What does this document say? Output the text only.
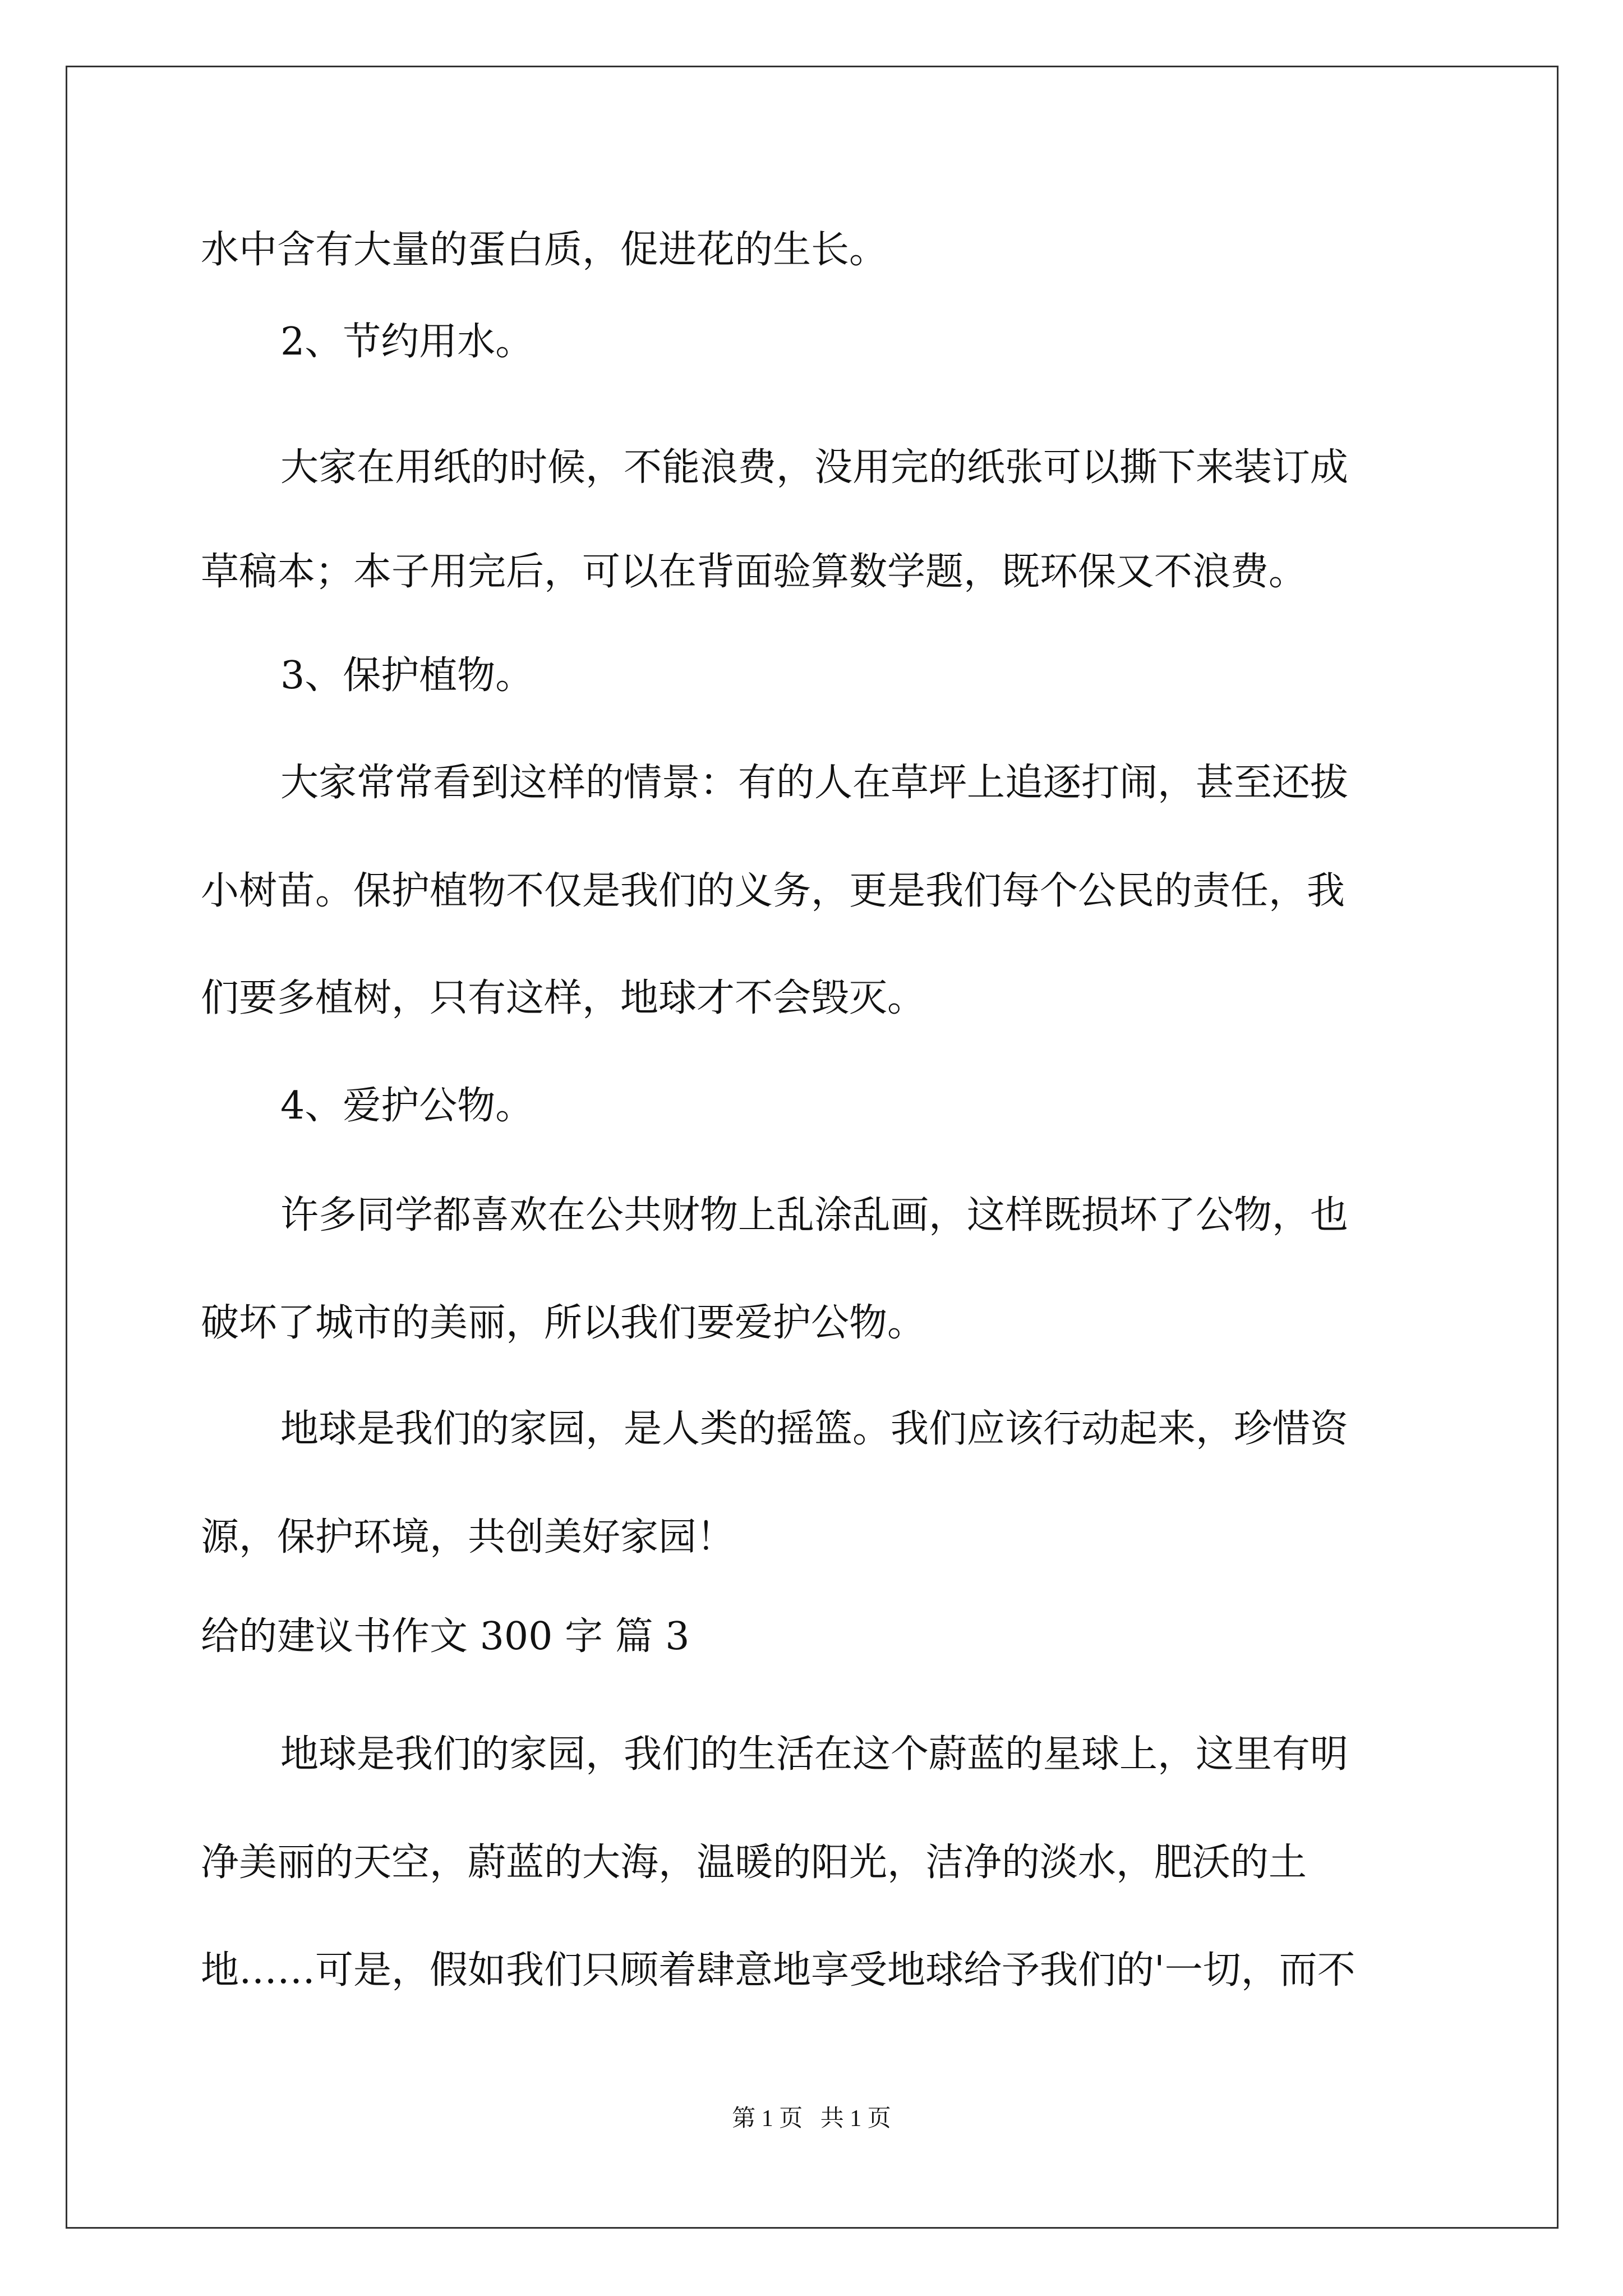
水中含有大量的蛋白质，促进花的生长。
2、节约用水。
大家在用纸的时候，不能浪费，没用完的纸张可以撕下来装订成
草稿本；本子用完后，可以在背面验算数学题，既环保又不浪费。
3、保护植物。
大家常常看到这样的情景：有的人在草坪上追逐打闹，甚至还拔
小树苗。保护植物不仅是我们的义务，更是我们每个公民的责任，我
们要多植树，只有这样，地球才不会毁灭。
4、爱护公物。
许多同学都喜欢在公共财物上乱涂乱画，这样既损坏了公物，也
破坏了城市的美丽，所以我们要爱护公物。
地球是我们的家园，是人类的摇篮。我们应该行动起来，珍惜资
源，保护环境，共创美好家园！
给的建议书作文 300 字 篇 3
地球是我们的家园，我们的生活在这个蔚蓝的星球上，这里有明
净美丽的天空，蔚蓝的大海，温暖的阳光，洁净的淡水，肥沃的土
地……可是，假如我们只顾着肆意地享受地球给予我们的'一切，而不
第 1 页   共 1 页
